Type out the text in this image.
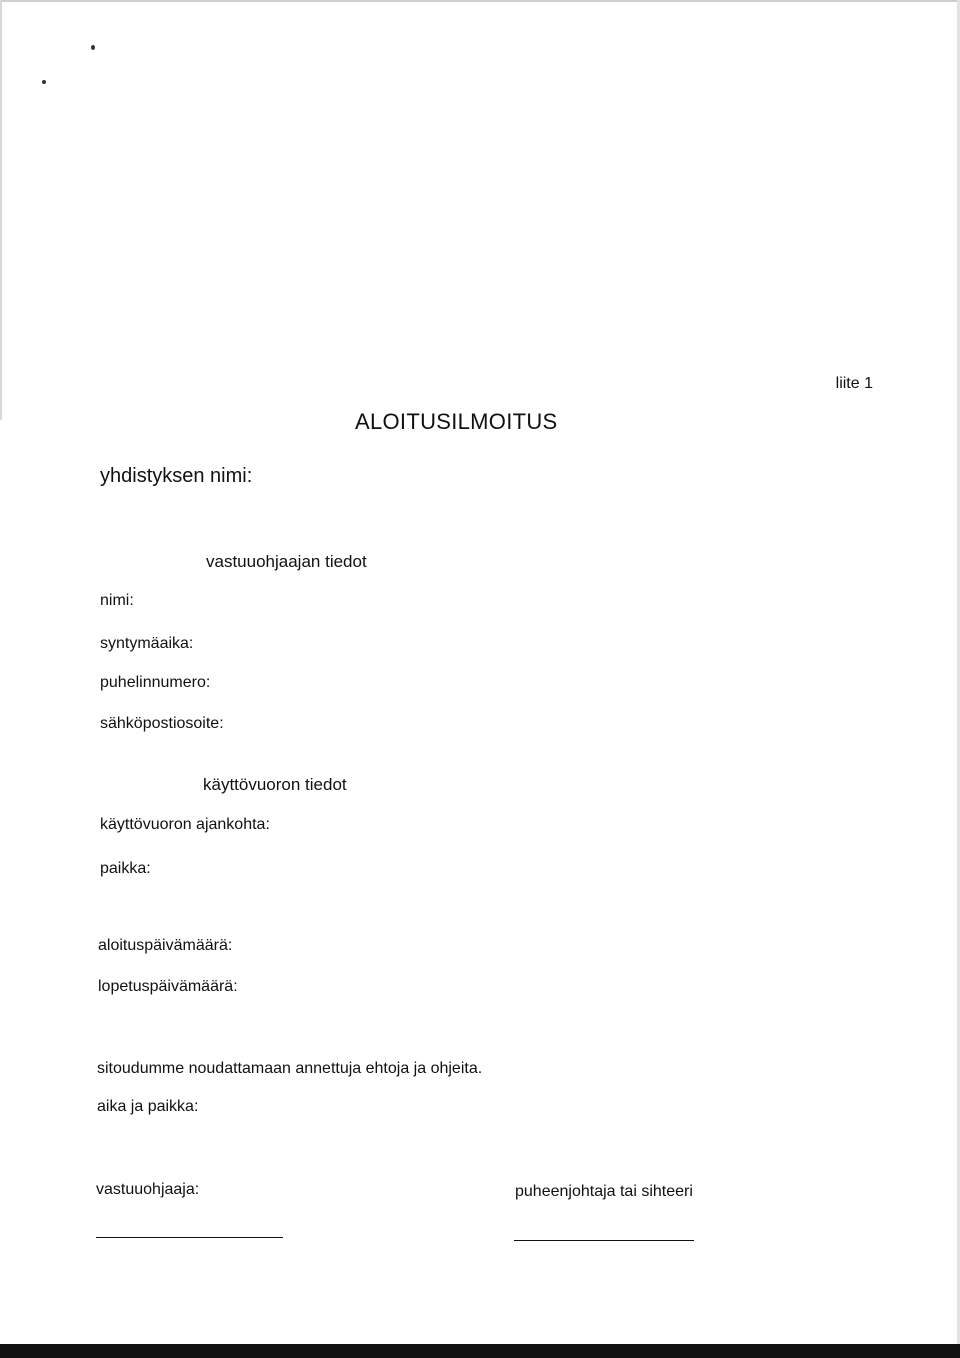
liite 1
ALOITUSILMOITUS
yhdistyksen nimi:
vastuuohjaajan tiedot
nimi:
syntymäaika:
puhelinnumero:
sähköpostiosoite:
käyttövuoron tiedot
käyttövuoron ajankohta:
paikka:
aloituspäivämäärä:
lopetuspäivämäärä:
sitoudumme noudattamaan annettuja ehtoja ja ohjeita.
aika ja paikka:
vastuuohjaaja:	puheenjohtaja tai sihteeri
